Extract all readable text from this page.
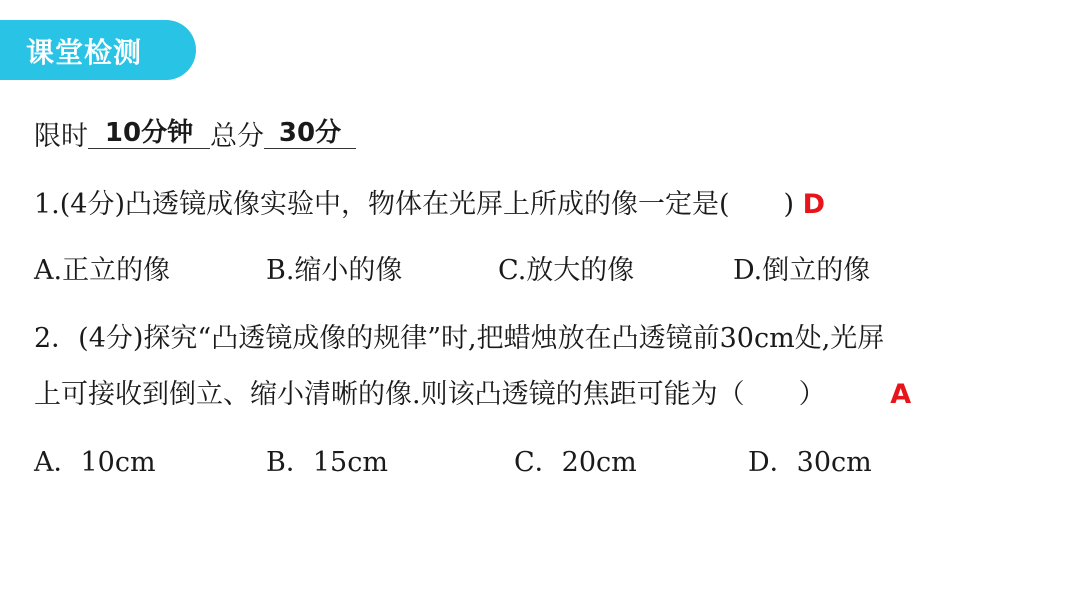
课堂检测
限时 10分钟 总分 30分
1.(4分)凸透镜成像实验中，物体在光屏上所成的像一定是(　　) D
A.正立的像	B.缩小的像	C.放大的像	D.倒立的像
2．(4分)探究“凸透镜成像的规律”时,把蜡烛放在凸透镜前30cm处,光屏
上可接收到倒立、缩小清晰的像.则该凸透镜的焦距可能为（　　） A
A．10cm	B．15cm	C．20cm	D．30cm
